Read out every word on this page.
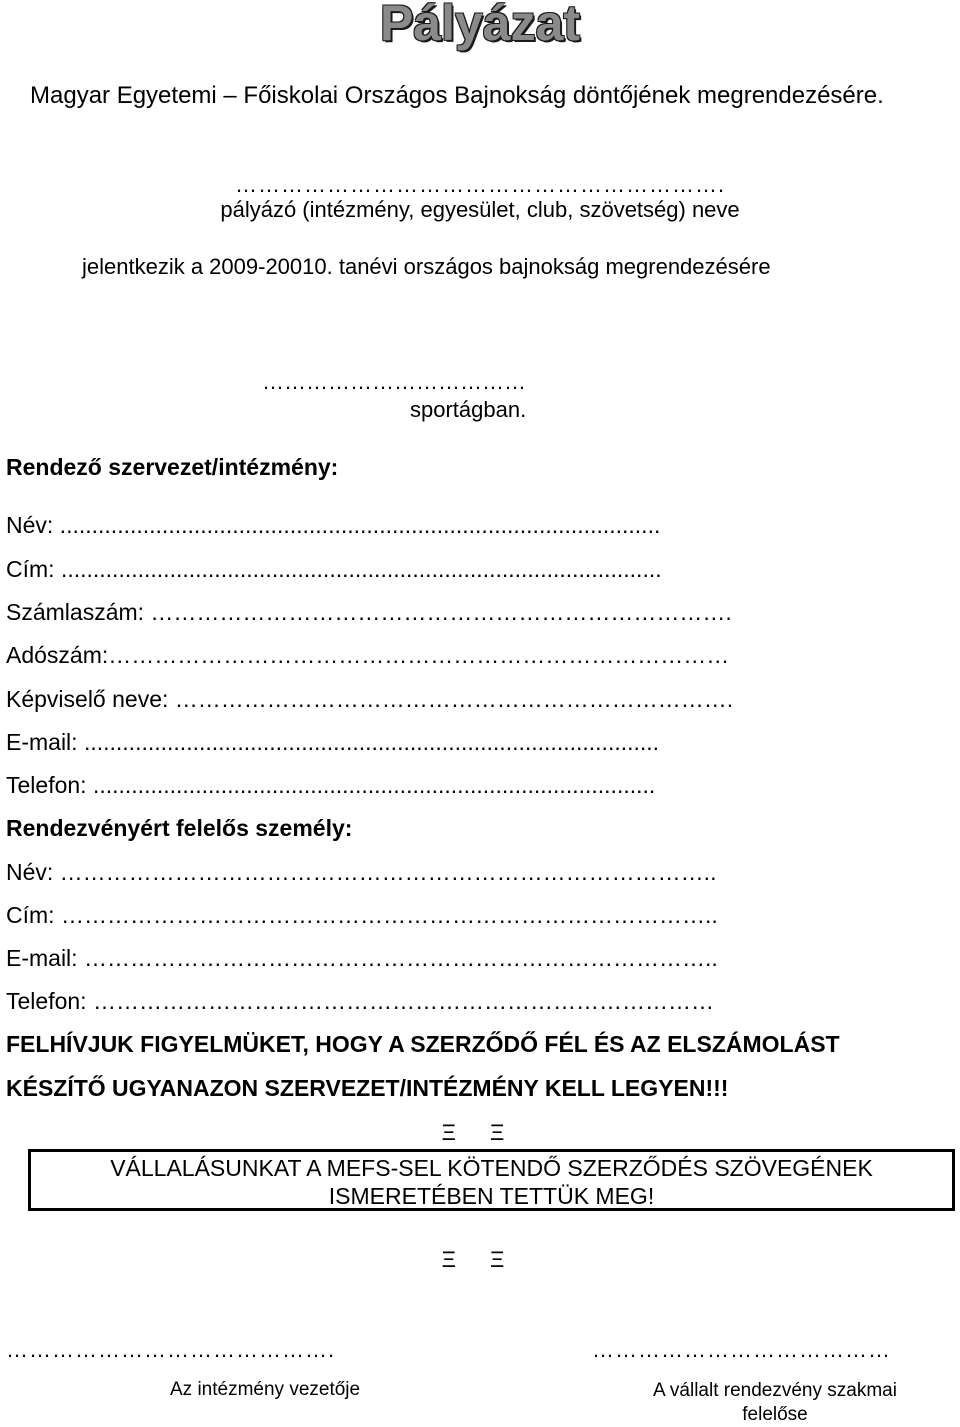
Pályázat
Magyar Egyetemi – Főiskolai Országos Bajnokság döntőjének megrendezésére.
……………………………………………………….
pályázó (intézmény, egyesület, club, szövetség) neve
jelentkezik a 2009-20010. tanévi országos bajnokság megrendezésére
………………………………
sportágban.
Rendező szervezet/intézmény:
Név: ..............................................................................................
Cím: ..............................................................................................
Számlaszám: ………………………………………………………………….
Adószám:………………………………………………………………………
Képviselő neve: ……………………………………………………………….
E-mail: ..........................................................................................
Telefon: ........................................................................................
Rendezvényért felelős személy:
Név: …………………………………………………………………………..
Cím: …………………………………………………………………………..
E-mail: ………………………………………………………………………..
Telefon: ………………………………………………………………………
FELHÍVJUK FIGYELMÜKET, HOGY A SZERZŐDŐ FÉL ÉS AZ ELSZÁMOLÁST
KÉSZÍTŐ UGYANAZON SZERVEZET/INTÉZMÉNY KELL LEGYEN!!!
Ξ Ξ
VÁLLALÁSUNKAT A MEFS-SEL KÖTENDŐ SZERZŐDÉS SZÖVEGÉNEK
ISMERETÉBEN TETTÜK MEG!
Ξ Ξ
…………………………………….	…………………………………
Az intézmény vezetője	A vállalt rendezvény szakmai felelőse
